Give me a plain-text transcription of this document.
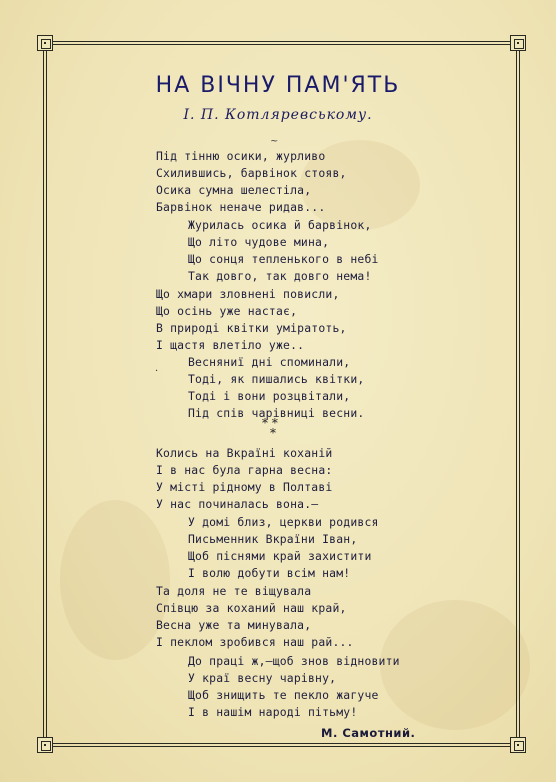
НА ВІЧНУ ПАМ'ЯТЬ
І. П. Котляревському.
~
Під тінню осики, журливо
Схилившись, барвінок стояв,
Осика сумна шелестіла,
Барвінок неначе ридав...
Журилась осика й барвінок,
Що літо чудове мина,
Що сонця тепленького в небі
Так довго, так довго нема!
Що хмари зловнені повисли,
Що осінь уже настає,
В природі квітки уміратоть,
І щастя влетіло уже..
Весняниї дні споминали,
Тоді, як пишались квітки,
Тоді і вони розцвітали,
Під спів чарівниці весни.
·
* *
*
Колись на Вкраїні коханій
І в нас була гарна весна:
У місті рідному в Полтаві
У нас починалась вона.—
У домі близ, церкви родився
Письменник Вкраїни Іван,
Щоб піснями край захистити
І волю добути всім нам!
Та доля не те віщувала
Співцю за коханий наш край,
Весна уже та минувала,
І пеклом зробився наш рай...
До праці ж,—щоб знов відновити
У краї весну чарівну,
Щоб знищить те пекло жагуче
І в нашім народі пітьму!
М. Самотний.
